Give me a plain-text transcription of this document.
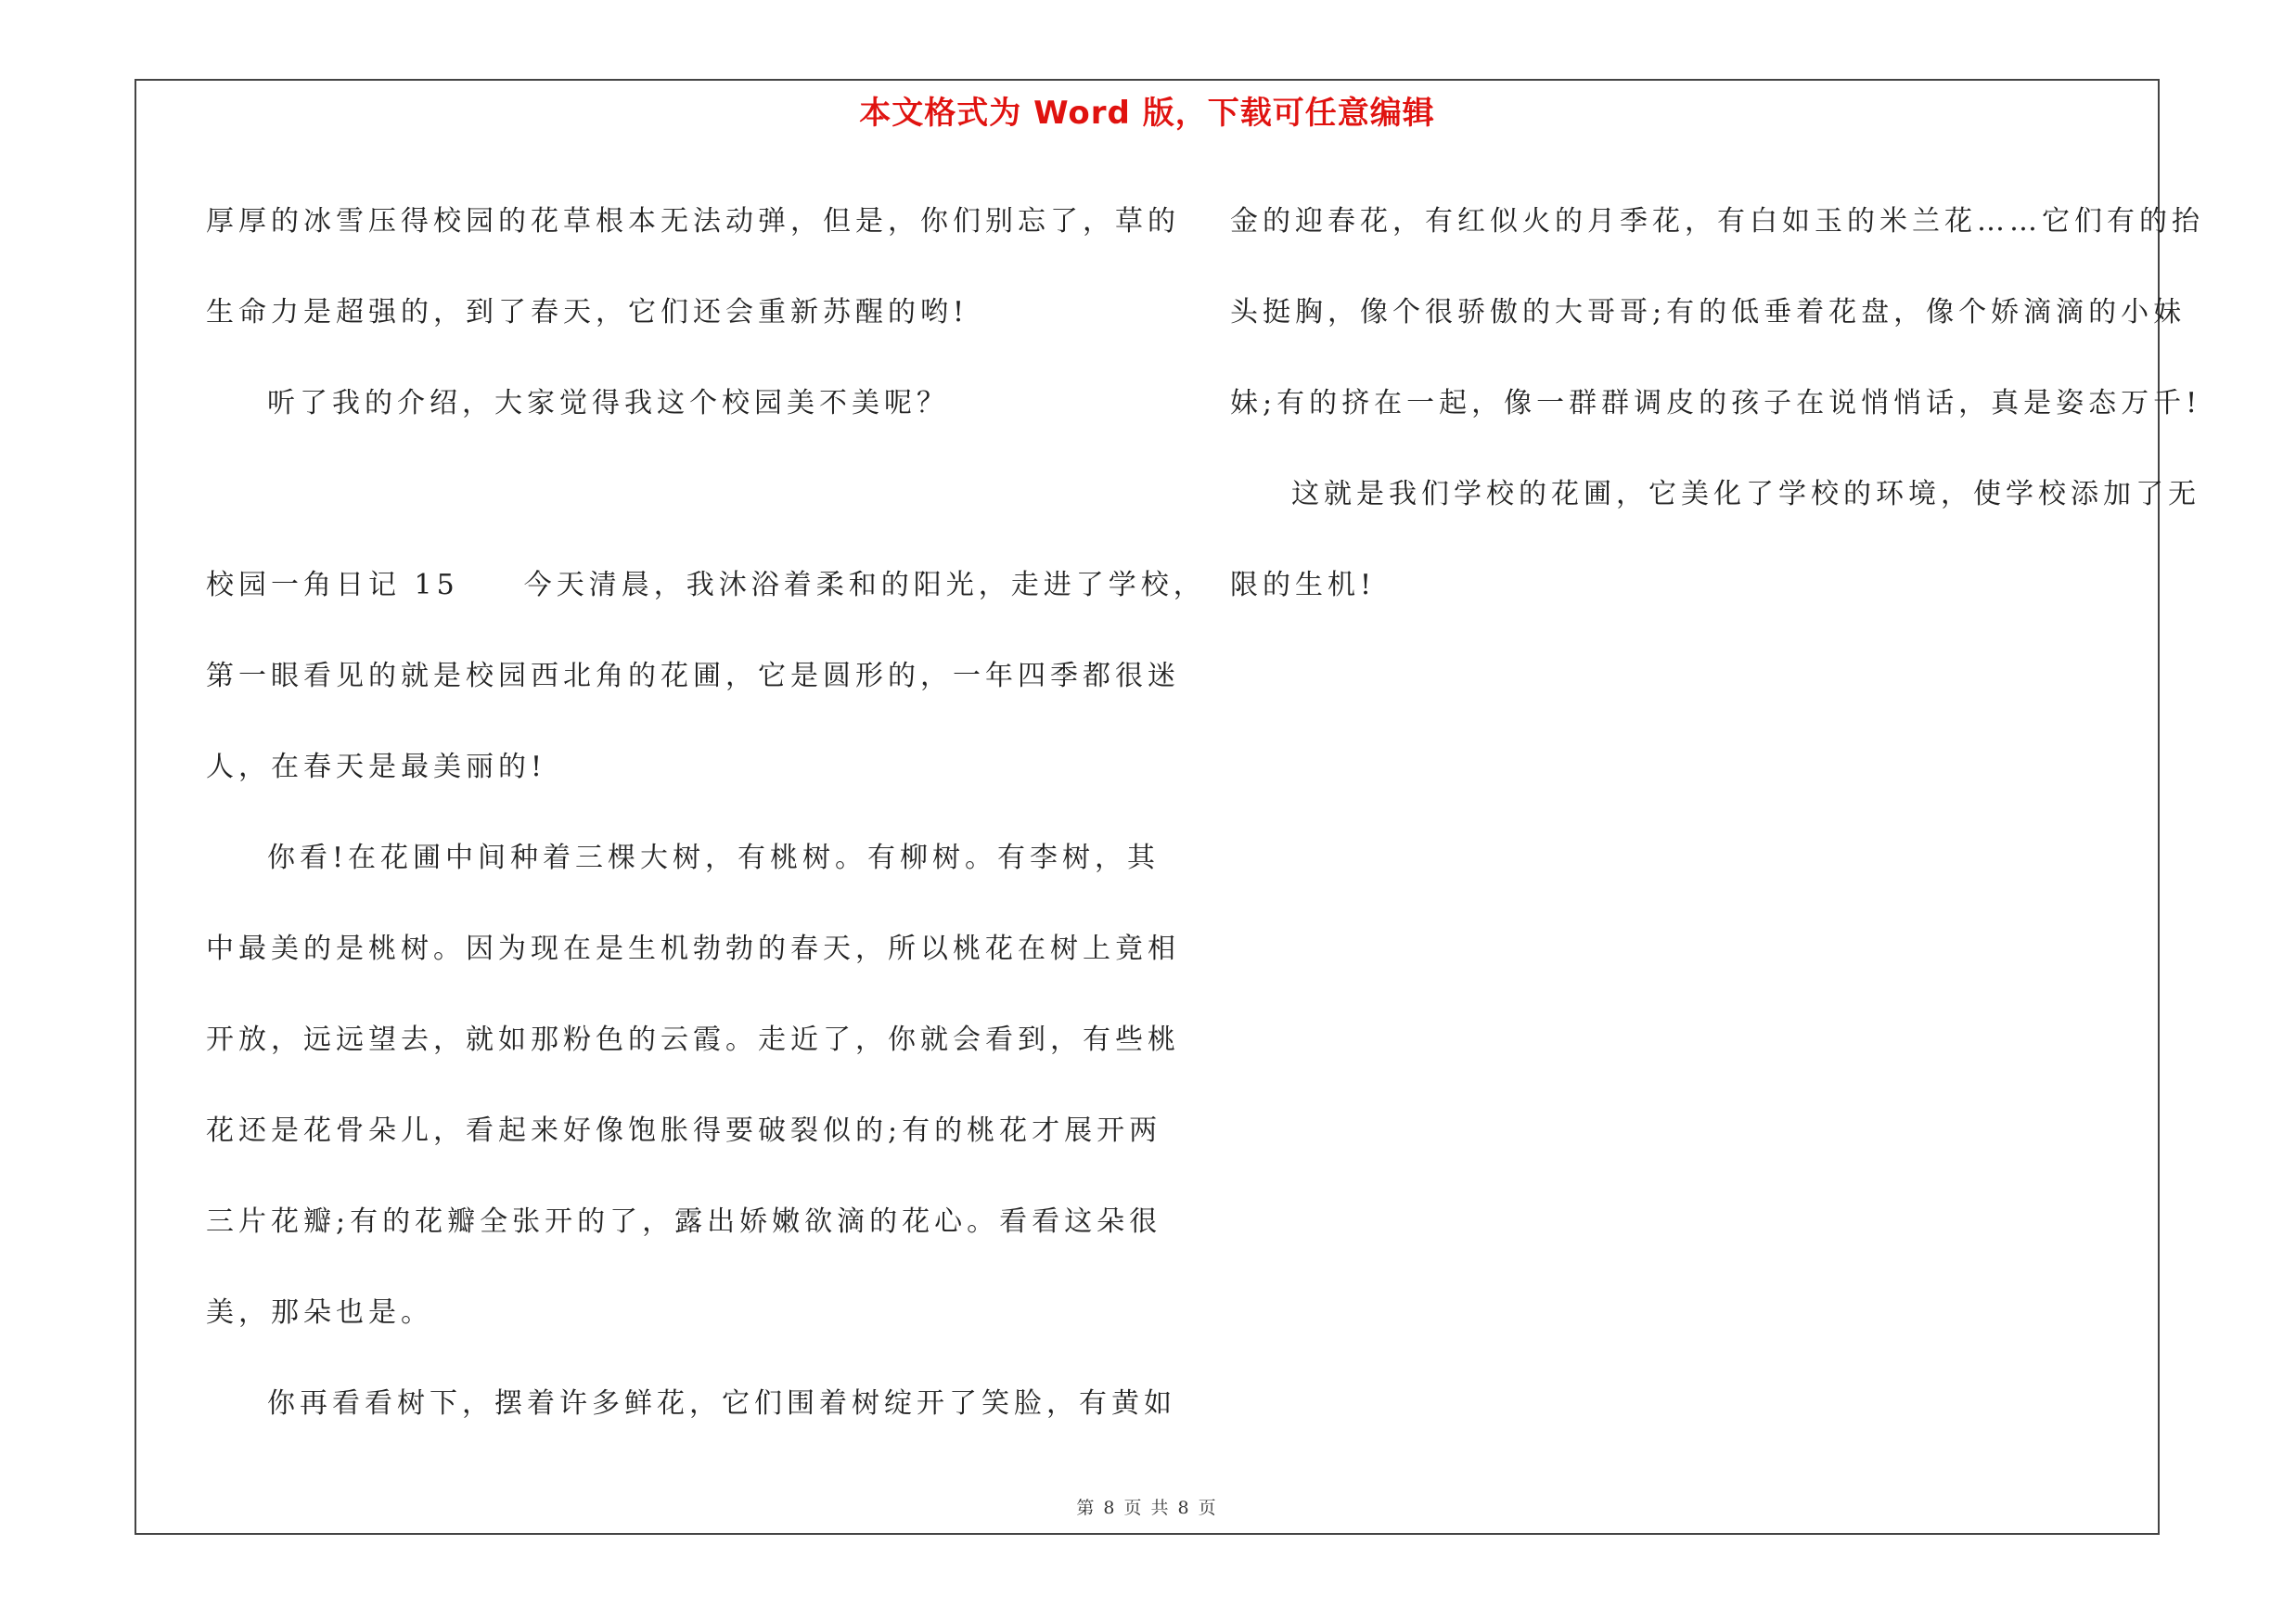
本文格式为 Word 版，下载可任意编辑
厚厚的冰雪压得校园的花草根本无法动弹，但是，你们别忘了，草的
生命力是超强的，到了春天，它们还会重新苏醒的哟!
听了我的介绍，大家觉得我这个校园美不美呢？
校园一角日记 15　　今天清晨，我沐浴着柔和的阳光，走进了学校，
第一眼看见的就是校园西北角的花圃，它是圆形的，一年四季都很迷
人，在春天是最美丽的!
你看!在花圃中间种着三棵大树，有桃树。有柳树。有李树，其
中最美的是桃树。因为现在是生机勃勃的春天，所以桃花在树上竟相
开放，远远望去，就如那粉色的云霞。走近了，你就会看到，有些桃
花还是花骨朵儿，看起来好像饱胀得要破裂似的;有的桃花才展开两
三片花瓣;有的花瓣全张开的了，露出娇嫩欲滴的花心。看看这朵很
美，那朵也是。
你再看看树下，摆着许多鲜花，它们围着树绽开了笑脸，有黄如
金的迎春花，有红似火的月季花，有白如玉的米兰花……它们有的抬
头挺胸，像个很骄傲的大哥哥;有的低垂着花盘，像个娇滴滴的小妹
妹;有的挤在一起，像一群群调皮的孩子在说悄悄话，真是姿态万千!
这就是我们学校的花圃，它美化了学校的环境，使学校添加了无
限的生机!
第 8 页 共 8 页
